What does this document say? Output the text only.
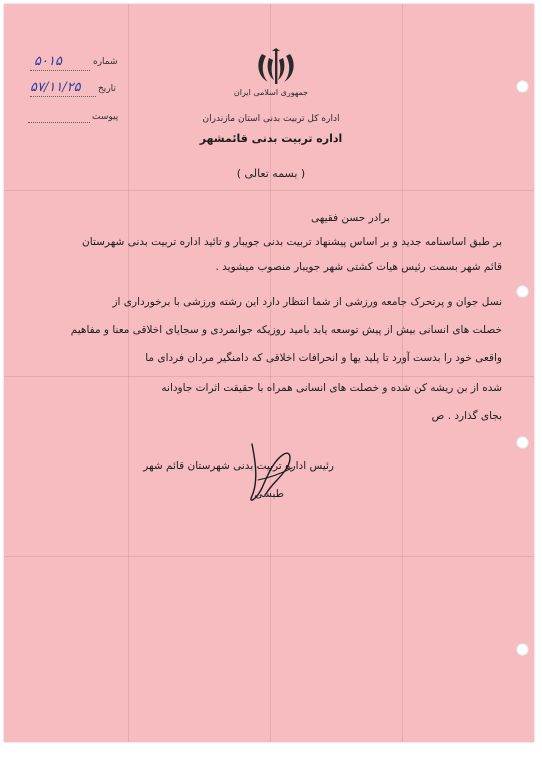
۵۰۱۵	شماره
۵۷/۱۱/۲۵ تاریخ
پیوست
جمهوری اسلامی ایران
اداره کل تربیت بدنی استان مازندران
اداره تربیت بدنی قائمشهر
( بسمه تعالی )
برادر حسن فقیهی
بر طبق اساسنامه جدید و بر اساس پیشنهاد تربیت بدنی جویبار و تائید اداره تربیت بدنی شهرستان
قائم شهر بسمت رئیس هیات کشتی شهر جویبار منصوب میشوید .
نسل جوان و پرتحرک جامعه ورزشی از شما انتظار دارد این رشته ورزشی با برخورداری از
خصلت های انسانی بیش از پیش توسعه یابد بامید روزیکه جوانمردی و سجایای اخلاقی معنا و مفاهیم
واقعی خود را بدست آورد تا پلید یها و انحرافات اخلاقی که دامنگیر مردان فردای ما
شده از بن ریشه کن شده و خصلت های انسانی همراه با حقیقت اثرات جاودانه
بجای گذارد . ص
رئیس اداره تربیت بدنی شهرستان قائم شهر
طبسی
